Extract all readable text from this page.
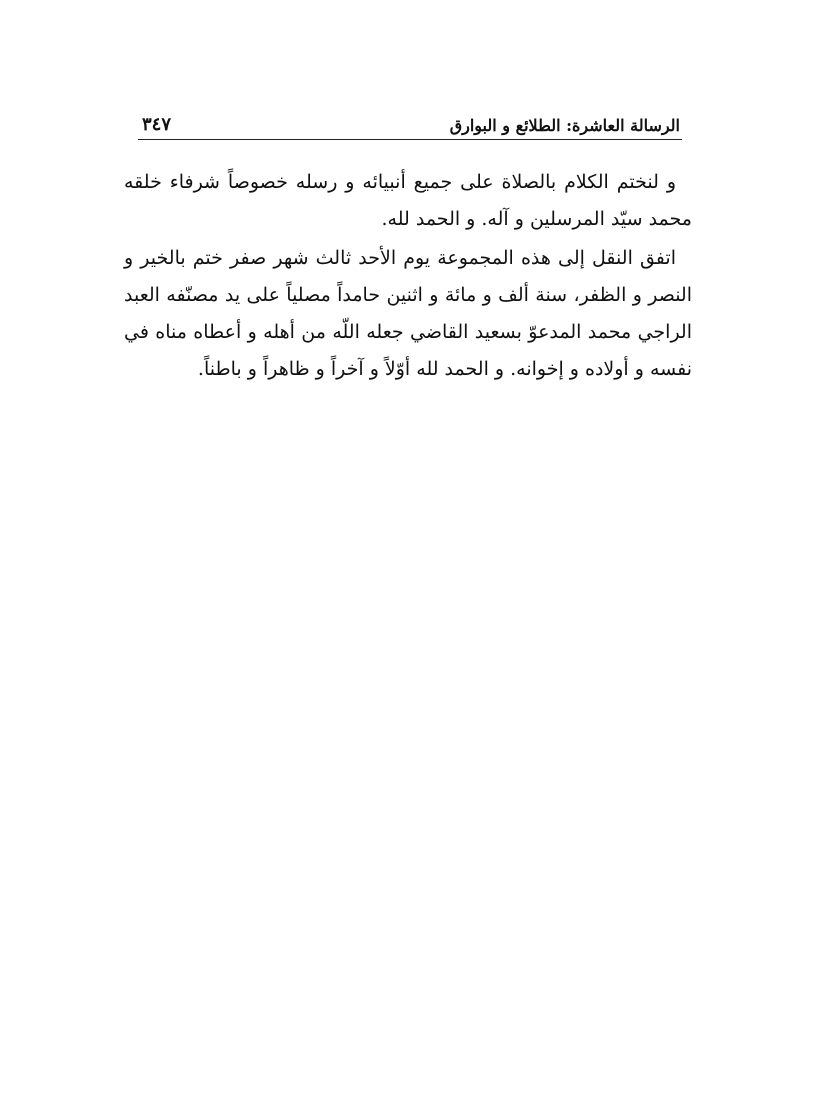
٣٤٧	الرسالة العاشرة: الطلائع و البوارق

و لنختم الكلام بالصلاة على جميع أنبيائه و رسله خصوصاً شرفاء خلقه محمد سيّد المرسلين و آله. و الحمد لله.

اتفق النقل إلى هذه المجموعة يوم الأحد ثالث شهر صفر ختم بالخير و النصر و الظفر، سنة ألف و مائة و اثنين حامداً مصلياً على يد مصنّفه العبد الراجي محمد المدعوّ بسعيد القاضي جعله اللّه من أهله و أعطاه مناه في نفسه و أولاده و إخوانه. و الحمد لله أوّلاً و آخراً و ظاهراً و باطناً.
